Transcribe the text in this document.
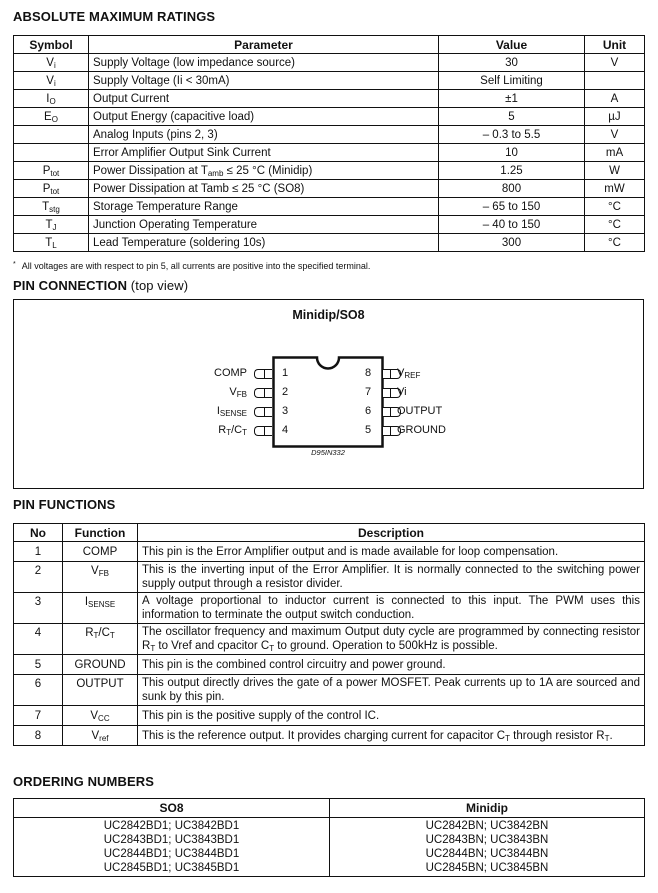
ABSOLUTE MAXIMUM RATINGS
Symbol	Parameter	Value	Unit
$V_i$	Supply Voltage (low impedance source)	30	V
$V_i$	Supply Voltage (Ii < 30mA)	Self Limiting	
$I_O$	Output Current	±1	A
$E_O$	Output Energy (capacitive load)	5	µJ
	Analog Inputs (pins 2, 3)	– 0.3 to 5.5	V
	Error Amplifier Output Sink Current	10	mA
$P_{tot}$	Power Dissipation at $T_{amb} \le 25$ °C (Minidip)	1.25	W
$P_{tot}$	Power Dissipation at Tamb ≤ 25 °C (SO8)	800	mW
$T_{stg}$	Storage Temperature Range	– 65 to 150	°C
$T_J$	Junction Operating Temperature	– 40 to 150	°C
$T_L$	Lead Temperature (soldering 10s)	300	°C
* All voltages are with respect to pin 5, all currents are positive into the specified terminal.
PIN CONNECTION (top view)
Minidip/SO8
1
2
3
4
8
7
6
5
COMP
$V_{FB}$
$I_{SENSE}$
$R_T/C_T$
$V_{REF}$
Vi
OUTPUT
GROUND
D95IN332
PIN FUNCTIONS
No	Function	Description
1	COMP	This pin is the Error Amplifier output and is made available for loop compensation.
2	$V_{FB}$	This is the inverting input of the Error Amplifier. It is normally connected to the switching power supply output through a resistor divider.
3	$I_{SENSE}$	A voltage proportional to inductor current is connected to this input. The PWM uses this information to terminate the output switch conduction.
4	$R_T/C_T$	The oscillator frequency and maximum Output duty cycle are programmed by connecting resistor $R_T$ to Vref and cpacitor $C_T$ to ground. Operation to 500kHz is possible.
5	GROUND	This pin is the combined control circuitry and power ground.
6	OUTPUT	This output directly drives the gate of a power MOSFET. Peak currents up to 1A are sourced and sunk by this pin.
7	$V_{CC}$	This pin is the positive supply of the control IC.
8	$V_{ref}$	This is the reference output. It provides charging current for capacitor $C_T$ through resistor $R_T$.
ORDERING NUMBERS
SO8	Minidip

UC2842BD1; UC3842BD1
UC2843BD1; UC3843BD1
UC2844BD1; UC3844BD1
UC2845BD1; UC3845BD1

UC2842BN; UC3842BN
UC2843BN; UC3843BN
UC2844BN; UC3844BN
UC2845BN; UC3845BN
